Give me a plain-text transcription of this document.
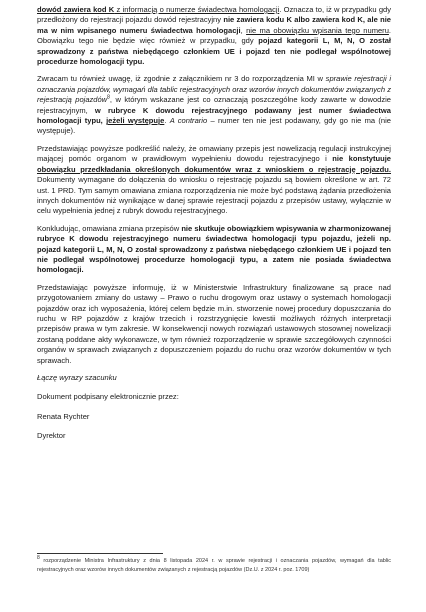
dowód zawiera kod K z informacją o numerze świadectwa homologacji. Oznacza to, iż w przypadku gdy przedłożony do rejestracji pojazdu dowód rejestracyjny nie zawiera kodu K albo zawiera kod K, ale nie ma w nim wpisanego numeru świadectwa homologacji, nie ma obowiązku wpisania tego numeru. Obowiązku tego nie będzie więc również w przypadku, gdy pojazd kategorii L, M, N, O został sprowadzony z państwa niebędącego członkiem UE i pojazd ten nie podlegał wspólnotowej procedurze homologacji typu.

Zwracam tu również uwagę, iż zgodnie z załącznikiem nr 3 do rozporządzenia MI w sprawie rejestracji i oznaczania pojazdów, wymagań dla tablic rejestracyjnych oraz wzorów innych dokumentów związanych z rejestracją pojazdów$^8$, w którym wskazane jest co oznaczają poszczególne kody zawarte w dowodzie rejestracyjnym, w rubryce K dowodu rejestracyjnego podawany jest numer świadectwa homologacji typu, jeżeli występuje. A contrario – numer ten nie jest podawany, gdy go nie ma (nie występuje).

Przedstawiając powyższe podkreślić należy, że omawiany przepis jest nowelizacją regulacji instrukcyjnej mającej pomóc organom w prawidłowym wypełnieniu dowodu rejestracyjnego i nie konstytuuje obowiązku przedkładania określonych dokumentów wraz z wnioskiem o rejestrację pojazdu. Dokumenty wymagane do dołączenia do wniosku o rejestrację pojazdu są bowiem określone w art. 72 ust. 1 PRD. Tym samym omawiana zmiana rozporządzenia nie może być podstawą żądania przedłożenia innych dokumentów niż wynikające w danej sprawie rejestracji pojazdu z przepisów ustawy, wyłącznie w celu wypełnienia jednej z rubryk dowodu rejestracyjnego.

Konkludując, omawiana zmiana przepisów nie skutkuje obowiązkiem wpisywania w zharmonizowanej rubryce K dowodu rejestracyjnego numeru świadectwa homologacji typu pojazdu, jeżeli np. pojazd kategorii L, M, N, O został sprowadzony z państwa niebędącego członkiem UE i pojazd ten nie podlegał wspólnotowej procedurze homologacji typu, a zatem nie posiada świadectwa homologacji.

Przedstawiając powyższe informuję, iż w Ministerstwie Infrastruktury finalizowane są prace nad przygotowaniem zmiany do ustawy – Prawo o ruchu drogowym oraz ustawy o systemach homologacji pojazdów oraz ich wyposażenia, której celem będzie m.in. stworzenie nowej procedury dopuszczania do ruchu w RP pojazdów z krajów trzecich i rozstrzygnięcie kwestii możliwych różnych interpretacji przepisów prawa w tym zakresie. W konsekwencji nowych rozwiązań ustawowych stosownej nowelizacji zostaną poddane akty wykonawcze, w tym również rozporządzenie w sprawie szczegółowych czynności organów w sprawach związanych z dopuszczeniem pojazdu do ruchu oraz wzorów dokumentów w tych sprawach.

Łączę wyrazy szacunku

Dokument podpisany elektronicznie przez:

Renata Rychter

Dyrektor

$^8$ rozporządzenie Ministra Infrastruktury z dnia 8 listopada 2024 r. w sprawie rejestracji i oznaczania pojazdów, wymagań dla tablic rejestracyjnych oraz wzorów innych dokumentów związanych z rejestracją pojazdów (Dz.U. z 2024 r. poz. 1709)
